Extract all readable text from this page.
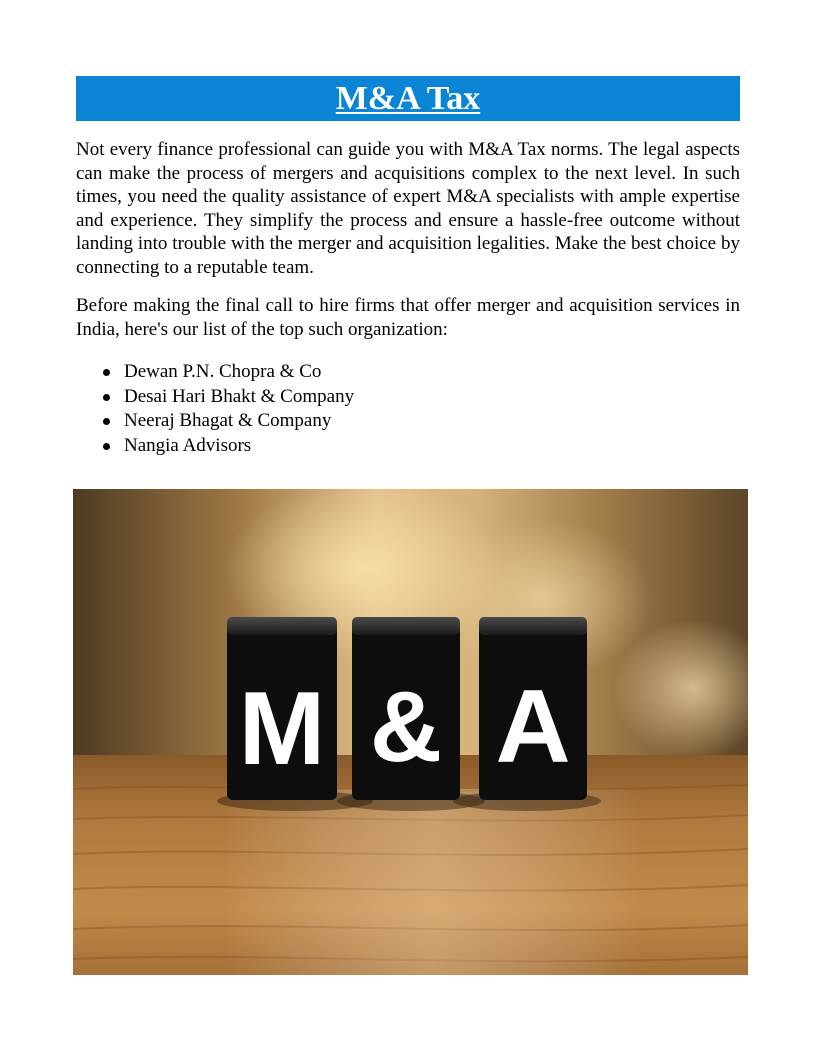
M&A Tax

Not every finance professional can guide you with M&A Tax norms. The legal aspects can make the process of mergers and acquisitions complex to the next level. In such times, you need the quality assistance of expert M&A specialists with ample expertise and experience. They simplify the process and ensure a hassle-free outcome without landing into trouble with the merger and acquisition legalities. Make the best choice by connecting to a reputable team.

Before making the final call to hire firms that offer merger and acquisition services in India, here's our list of the top such organization:

Dewan P.N. Chopra & Co
Desai Hari Bhakt & Company
Neeraj Bhagat & Company
Nangia Advisors
M & A
